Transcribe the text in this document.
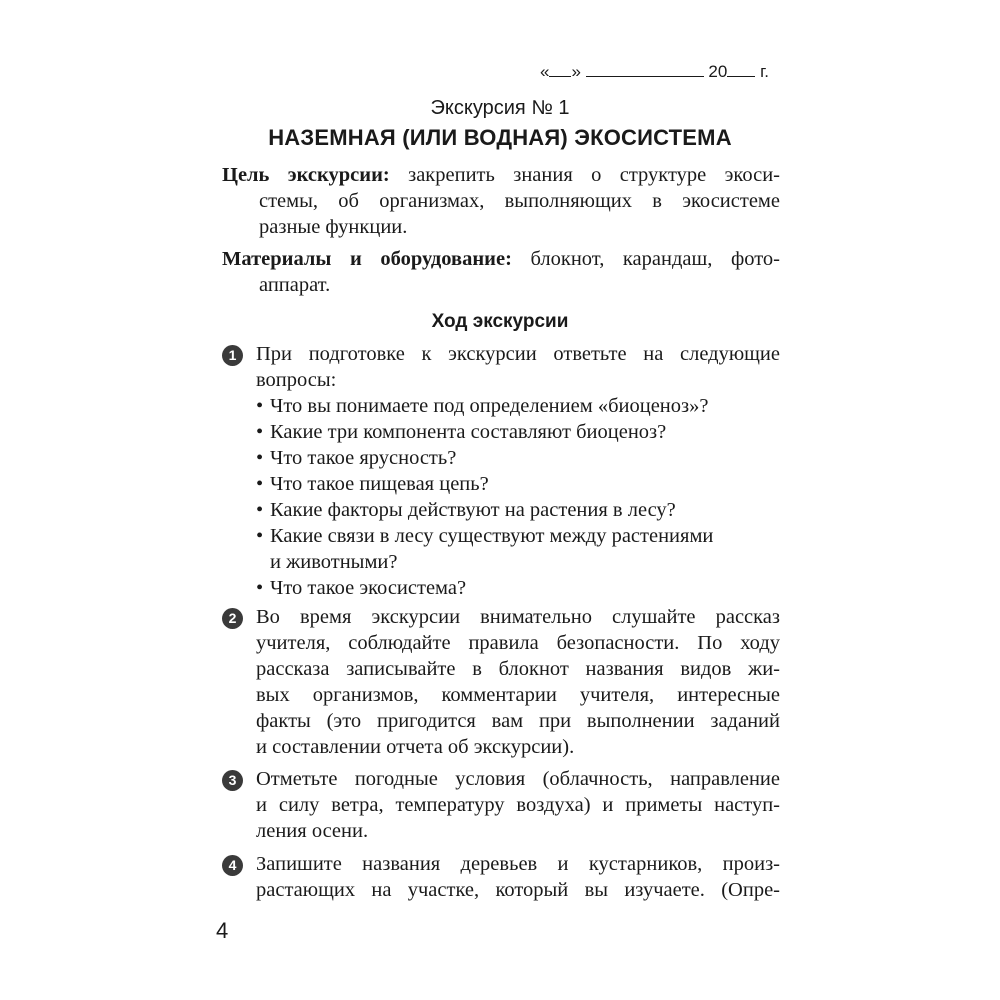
« »	20 г.
Экскурсия № 1
НАЗЕМНАЯ (ИЛИ ВОДНАЯ) ЭКОСИСТЕМА
Цель экскурсии: закрепить знания о структуре экоси-
стемы, об организмах, выполняющих в экосистеме
разные функции.
Материалы и оборудование: блокнот, карандаш, фото-
аппарат.
Ход экскурсии
1 При подготовке к экскурсии ответьте на следующие
вопросы:
• Что вы понимаете под определением «биоценоз»?
• Какие три компонента составляют биоценоз?
• Что такое ярусность?
• Что такое пищевая цепь?
• Какие факторы действуют на растения в лесу?
• Какие связи в лесу существуют между растениями
и животными?
• Что такое экосистема?
2 Во время экскурсии внимательно слушайте рассказ
учителя, соблюдайте правила безопасности. По ходу
рассказа записывайте в блокнот названия видов жи-
вых организмов, комментарии учителя, интересные
факты (это пригодится вам при выполнении заданий
и составлении отчета об экскурсии).
3 Отметьте погодные условия (облачность, направление
и силу ветра, температуру воздуха) и приметы наступ-
ления осени.
4 Запишите названия деревьев и кустарников, произ-
растающих на участке, который вы изучаете. (Опре-
4
